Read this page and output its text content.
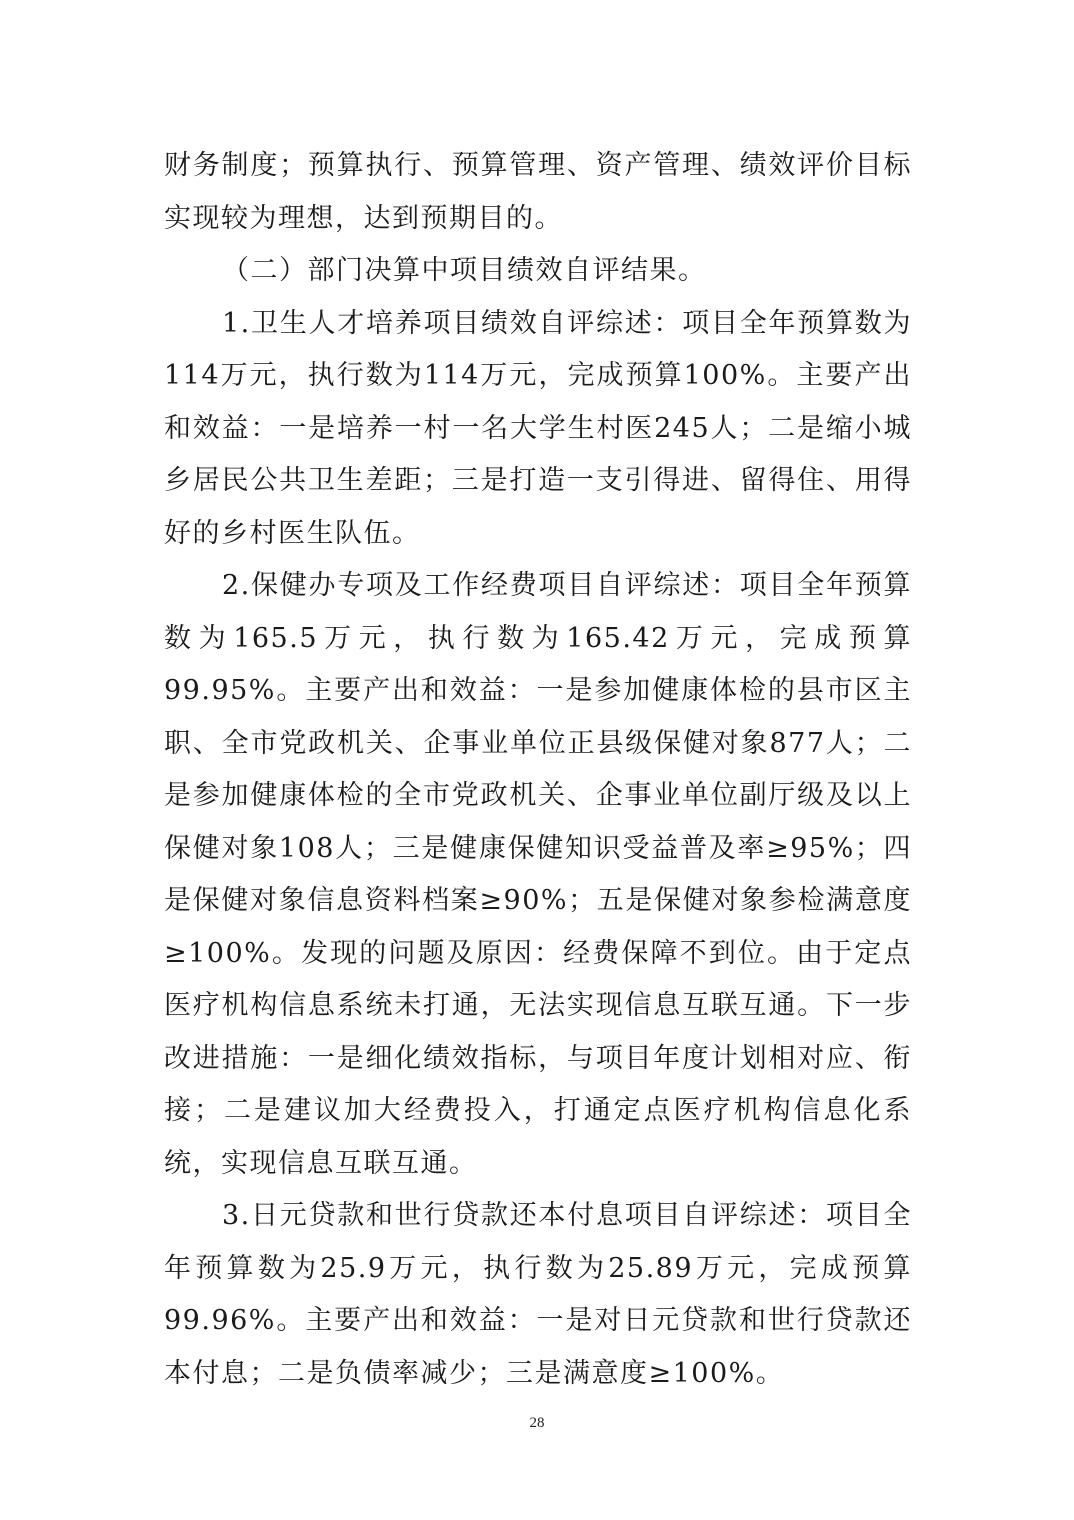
财务制度；预算执行、预算管理、资产管理、绩效评价目标实现较为理想，达到预期目的。

（二）部门决算中项目绩效自评结果。

1.卫生人才培养项目绩效自评综述：项目全年预算数为114万元，执行数为114万元，完成预算100%。主要产出和效益：一是培养一村一名大学生村医245人；二是缩小城乡居民公共卫生差距；三是打造一支引得进、留得住、用得好的乡村医生队伍。

2.保健办专项及工作经费项目自评综述：项目全年预算数为165.5万元，执行数为165.42万元，完成预算99.95%。主要产出和效益：一是参加健康体检的县市区主职、全市党政机关、企事业单位正县级保健对象877人；二是参加健康体检的全市党政机关、企事业单位副厅级及以上保健对象108人；三是健康保健知识受益普及率≥95%；四是保健对象信息资料档案≥90%；五是保健对象参检满意度≥100%。发现的问题及原因：经费保障不到位。由于定点医疗机构信息系统未打通，无法实现信息互联互通。下一步改进措施：一是细化绩效指标，与项目年度计划相对应、衔接；二是建议加大经费投入，打通定点医疗机构信息化系统，实现信息互联互通。

3.日元贷款和世行贷款还本付息项目自评综述：项目全年预算数为25.9万元，执行数为25.89万元，完成预算99.96%。主要产出和效益：一是对日元贷款和世行贷款还本付息；二是负债率减少；三是满意度≥100%。

28
